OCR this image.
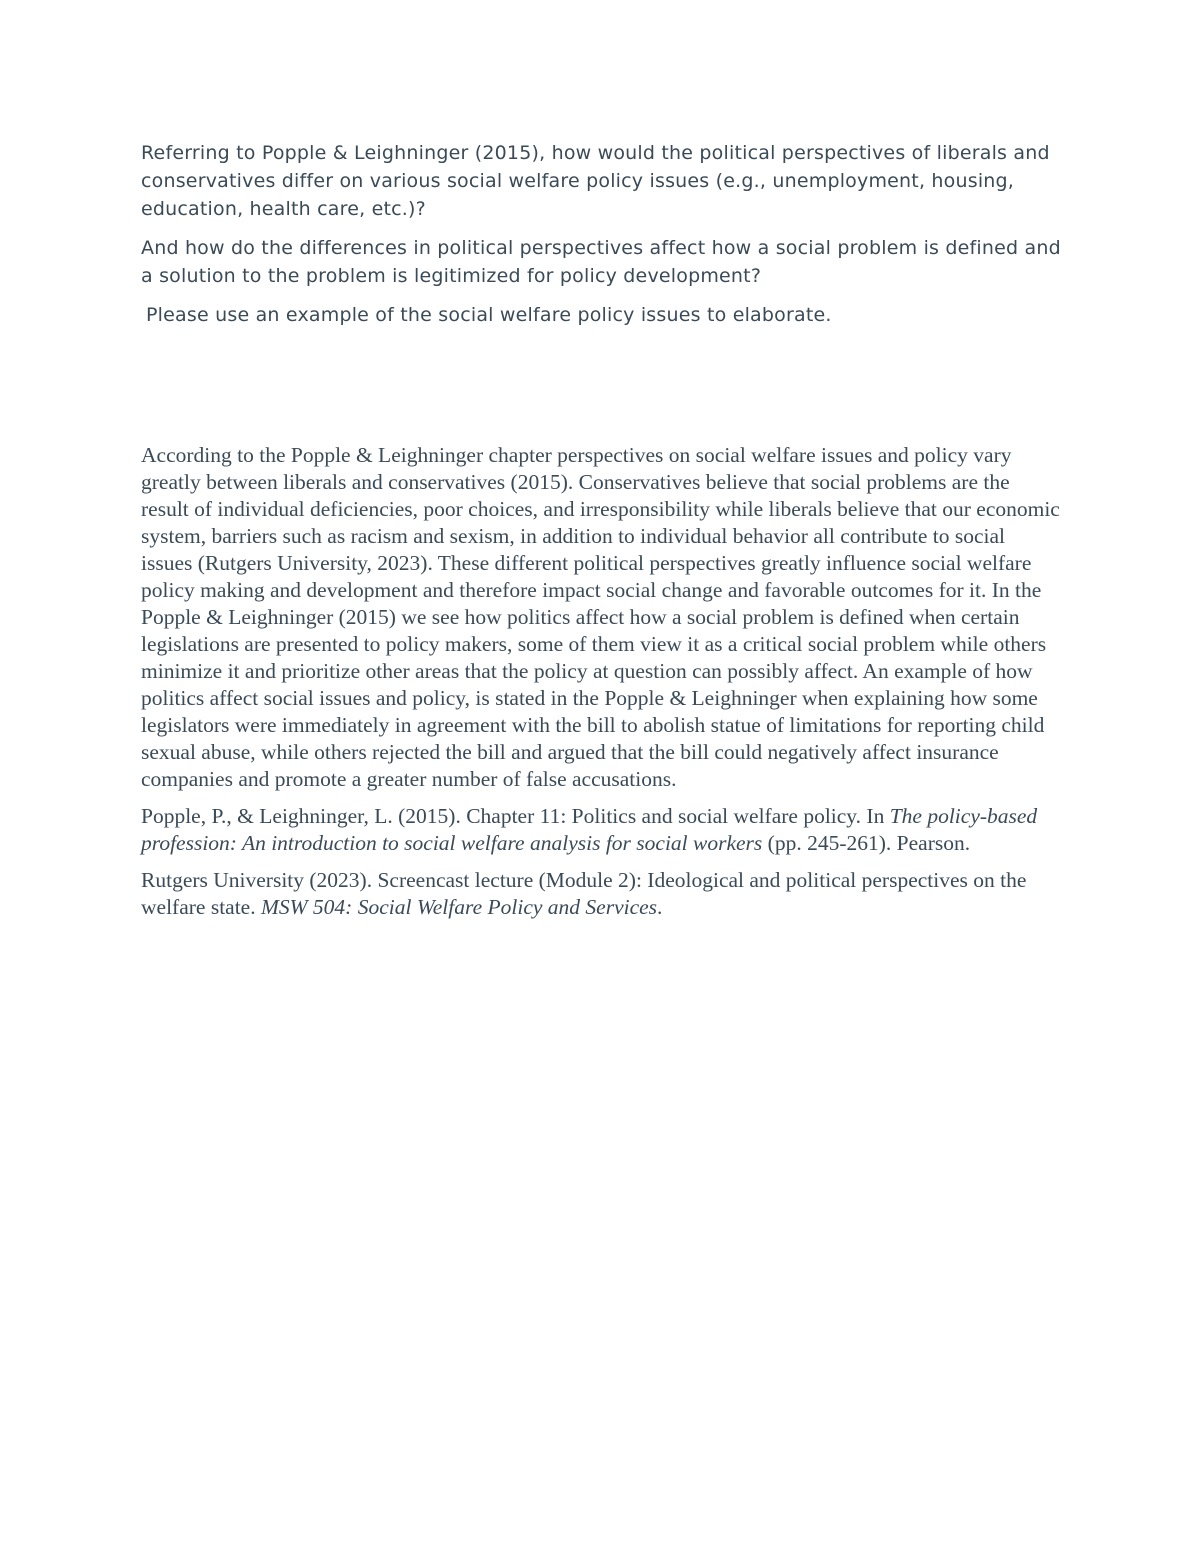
Referring to Popple & Leighninger (2015), how would the political perspectives of liberals and conservatives differ on various social welfare policy issues (e.g., unemployment, housing, education, health care, etc.)?

And how do the differences in political perspectives affect how a social problem is defined and a solution to the problem is legitimized for policy development?

Please use an example of the social welfare policy issues to elaborate.

According to the Popple & Leighninger chapter perspectives on social welfare issues and policy vary greatly between liberals and conservatives (2015). Conservatives believe that social problems are the result of individual deficiencies, poor choices, and irresponsibility while liberals believe that our economic system, barriers such as racism and sexism, in addition to individual behavior all contribute to social issues (Rutgers University, 2023). These different political perspectives greatly influence social welfare policy making and development and therefore impact social change and favorable outcomes for it. In the Popple & Leighninger (2015) we see how politics affect how a social problem is defined when certain legislations are presented to policy makers, some of them view it as a critical social problem while others minimize it and prioritize other areas that the policy at question can possibly affect. An example of how politics affect social issues and policy, is stated in the Popple & Leighninger when explaining how some legislators were immediately in agreement with the bill to abolish statue of limitations for reporting child sexual abuse, while others rejected the bill and argued that the bill could negatively affect insurance companies and promote a greater number of false accusations.

Popple, P., & Leighninger, L. (2015). Chapter 11: Politics and social welfare policy. In The policy-based profession: An introduction to social welfare analysis for social workers (pp. 245-261). Pearson.

Rutgers University (2023). Screencast lecture (Module 2): Ideological and political perspectives on the welfare state. MSW 504: Social Welfare Policy and Services.
